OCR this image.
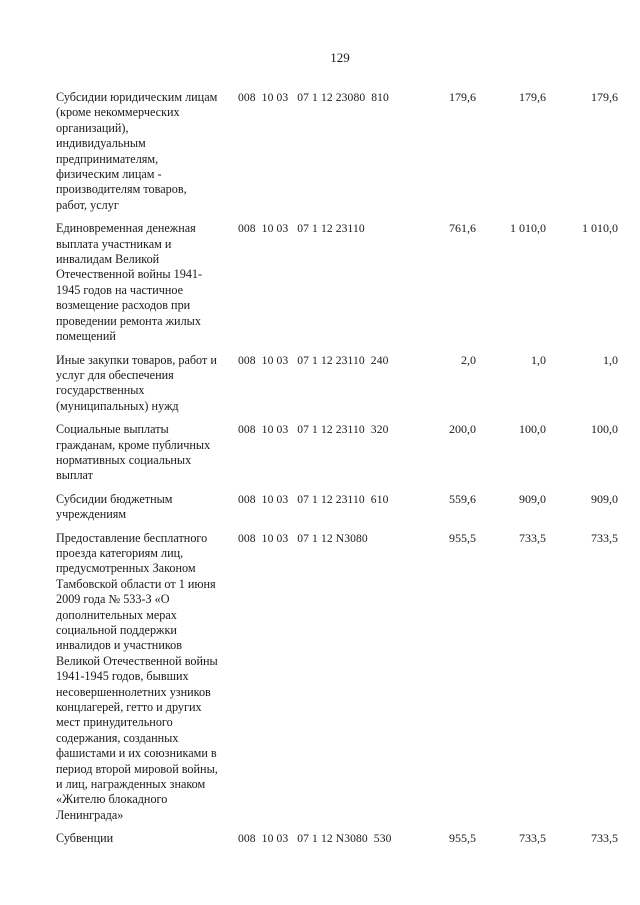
129
Субсидии юридическим лицам
(кроме некоммерческих
организаций),
индивидуальным
предпринимателям,
физическим лицам -
производителям товаров,
работ, услуг
008  10 03   07 1 12 23080  810	179,6	179,6	179,6
Единовременная денежная
выплата участникам и
инвалидам Великой
Отечественной войны 1941-
1945 годов на частичное
возмещение расходов при
проведении ремонта жилых
помещений
008  10 03   07 1 12 23110	761,6	1 010,0	1 010,0
Иные закупки товаров, работ и
услуг для обеспечения
государственных
(муниципальных) нужд
008  10 03   07 1 12 23110  240	2,0	1,0	1,0
Социальные выплаты
гражданам, кроме публичных
нормативных социальных
выплат
008  10 03   07 1 12 23110  320	200,0	100,0	100,0
Субсидии бюджетным
учреждениям
008  10 03   07 1 12 23110  610	559,6	909,0	909,0
Предоставление бесплатного
проезда категориям лиц,
предусмотренных Законом
Тамбовской области от 1 июня
2009 года № 533-З «О
дополнительных мерах
социальной поддержки
инвалидов и участников
Великой Отечественной войны
1941-1945 годов, бывших
несовершеннолетних узников
концлагерей, гетто и других
мест принудительного
содержания, созданных
фашистами и их союзниками в
период второй мировой войны,
и лиц, награжденных знаком
«Жителю блокадного
Ленинграда»
008  10 03   07 1 12 N3080	955,5	733,5	733,5
Субвенции	008  10 03   07 1 12 N3080  530	955,5	733,5	733,5
